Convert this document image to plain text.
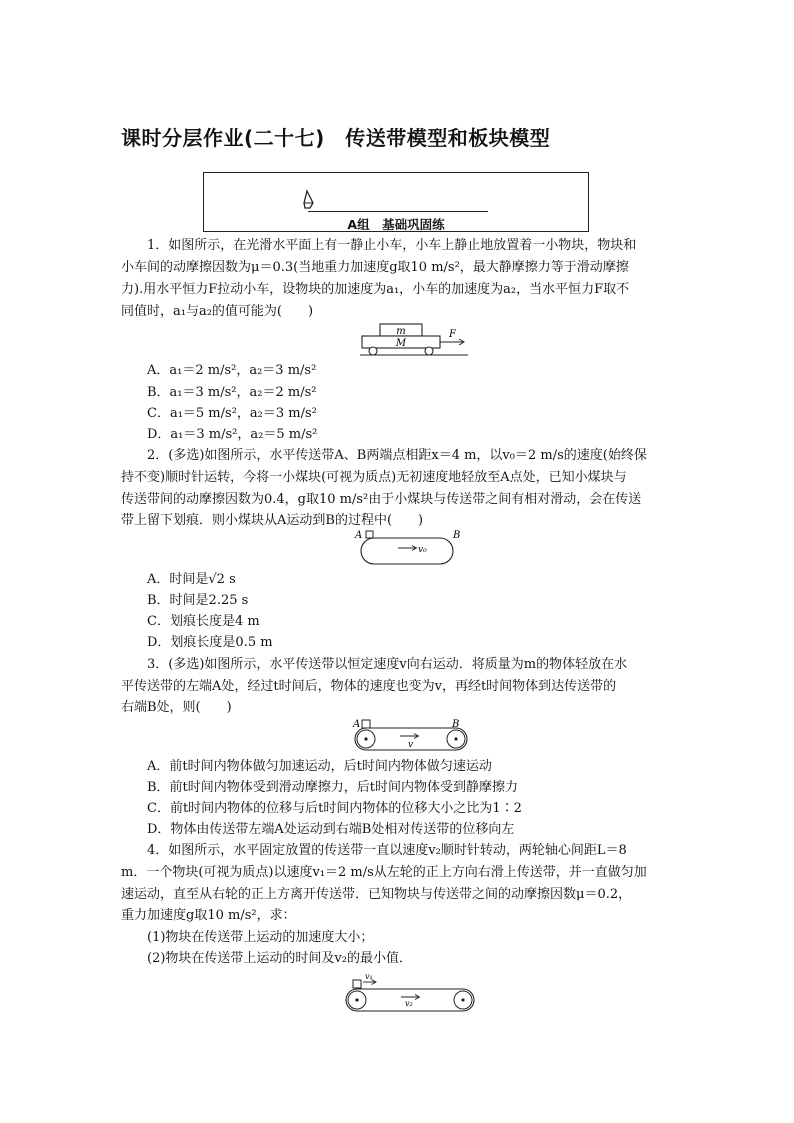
课时分层作业(二十七)　传送带模型和板块模型
A组　基础巩固练
1．如图所示，在光滑水平面上有一静止小车，小车上静止地放置着一小物块，物块和
小车间的动摩擦因数为μ＝0.3(当地重力加速度g取10 m/s²，最大静摩擦力等于滑动摩擦
力).用水平恒力F拉动小车，设物块的加速度为a₁，小车的加速度为a₂，当水平恒力F取不
同值时，a₁与a₂的值可能为(　　)
m
M
F
A．a₁＝2 m/s²，a₂＝3 m/s²
B．a₁＝3 m/s²，a₂＝2 m/s²
C．a₁＝5 m/s²，a₂＝3 m/s²
D．a₁＝3 m/s²，a₂＝5 m/s²
2．(多选)如图所示，水平传送带A、B两端点相距x＝4 m，以v₀＝2 m/s的速度(始终保
持不变)顺时针运转，今将一小煤块(可视为质点)无初速度地轻放至A点处，已知小煤块与
传送带间的动摩擦因数为0.4，g取10 m/s²由于小煤块与传送带之间有相对滑动，会在传送
带上留下划痕．则小煤块从A运动到B的过程中(　　)
A	B
v₀
A．时间是√2 s
B．时间是2.25 s
C．划痕长度是4 m
D．划痕长度是0.5 m
3．(多选)如图所示，水平传送带以恒定速度v向右运动．将质量为m的物体轻放在水
平传送带的左端A处，经过t时间后，物体的速度也变为v，再经t时间物体到达传送带的
右端B处，则(　　)
A	B
v
A．前t时间内物体做匀加速运动，后t时间内物体做匀速运动
B．前t时间内物体受到滑动摩擦力，后t时间内物体受到静摩擦力
C．前t时间内物体的位移与后t时间内物体的位移大小之比为1∶2
D．物体由传送带左端A处运动到右端B处相对传送带的位移向左
4．如图所示，水平固定放置的传送带一直以速度v₂顺时针转动，两轮轴心间距L＝8
m．一个物块(可视为质点)以速度v₁＝2 m/s从左轮的正上方向右滑上传送带，并一直做匀加
速运动，直至从右轮的正上方离开传送带．已知物块与传送带之间的动摩擦因数μ＝0.2，
重力加速度g取10 m/s²，求：
(1)物块在传送带上运动的加速度大小；
(2)物块在传送带上运动的时间及v₂的最小值．
v₁
v₂
